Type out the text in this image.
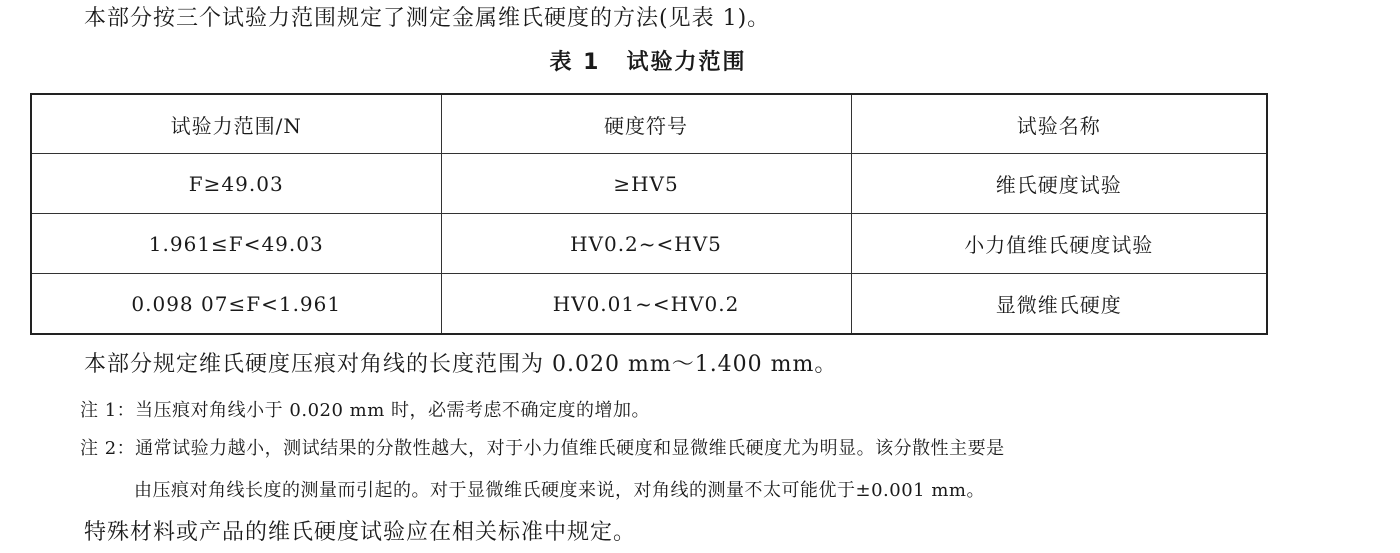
本部分按三个试验力范围规定了测定金属维氏硬度的方法(见表 1)。
表 1 试验力范围
试验力范围/N	硬度符号	试验名称
F≥49.03	≥HV5	维氏硬度试验
1.961≤F<49.03	HV0.2~<HV5	小力值维氏硬度试验
0.098 07≤F<1.961	HV0.01~<HV0.2	显微维氏硬度
本部分规定维氏硬度压痕对角线的长度范围为 0.020 mm～1.400 mm。
注 1：当压痕对角线小于 0.020 mm 时，必需考虑不确定度的增加。
注 2：通常试验力越小，测试结果的分散性越大，对于小力值维氏硬度和显微维氏硬度尤为明显。该分散性主要是
由压痕对角线长度的测量而引起的。对于显微维氏硬度来说，对角线的测量不太可能优于±0.001 mm。
特殊材料或产品的维氏硬度试验应在相关标准中规定。
